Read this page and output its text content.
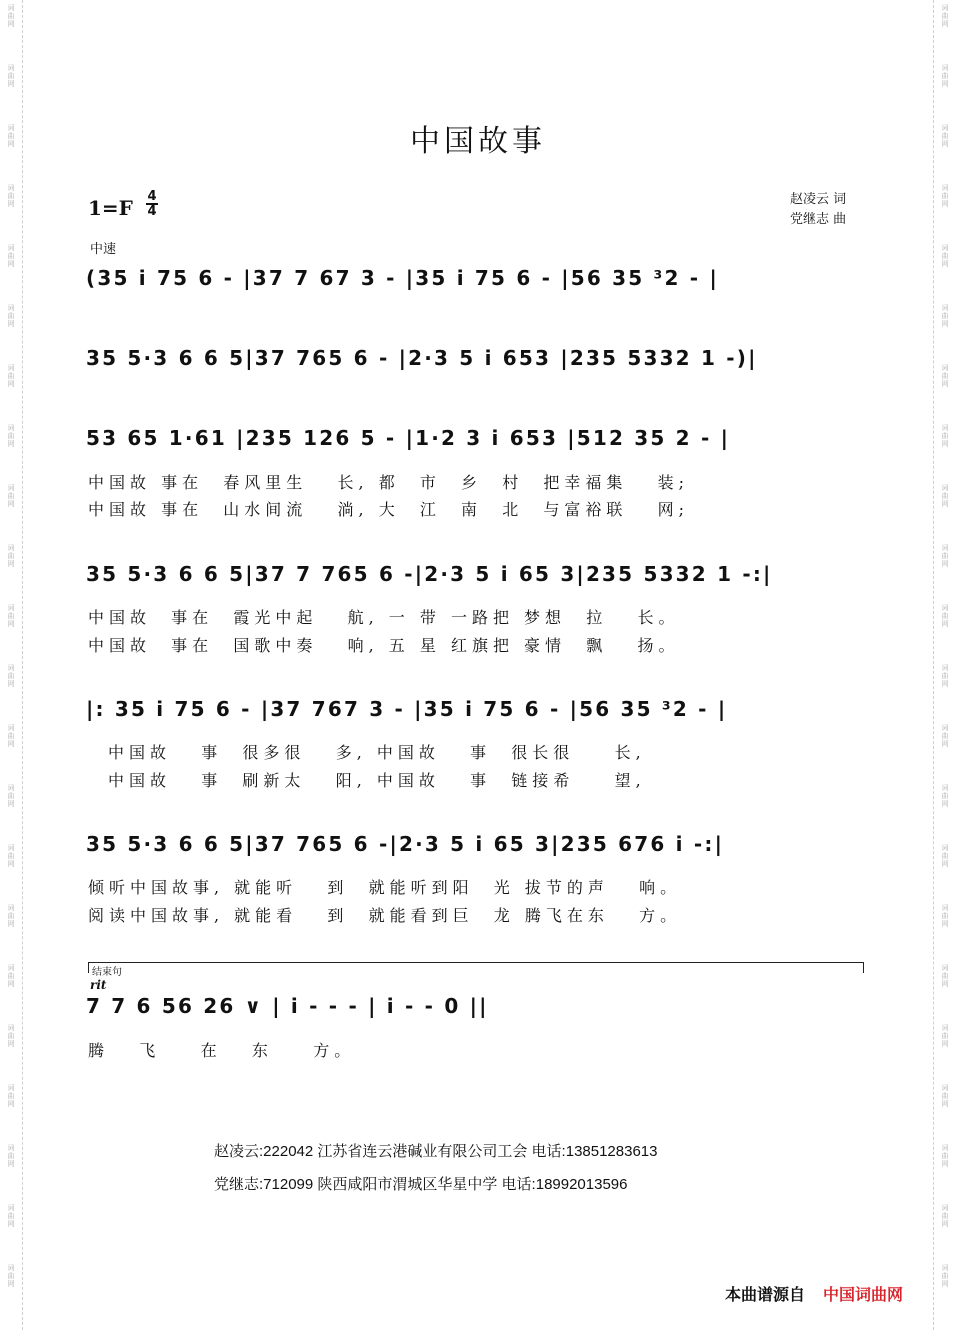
词
曲
网
词
曲
网
词
曲
网
词
曲
网
词
曲
网
词
曲
网
词
曲
网
词
曲
网
词
曲
网
词
曲
网
词
曲
网
词
曲
网
词
曲
网
词
曲
网
词
曲
网
词
曲
网
词
曲
网
词
曲
网
词
曲
网
词
曲
网
词
曲
网
词
曲
网
词
曲
网
词
曲
网
词
曲
网
词
曲
网
词
曲
网
词
曲
网
词
曲
网
词
曲
网
词
曲
网
词
曲
网
词
曲
网
词
曲
网
词
曲
网
词
曲
网
词
曲
网
词
曲
网
词
曲
网
词
曲
网
词
曲
网
词
曲
网
词
曲
网
词
曲
网
中国故事
1=F 4
4
赵凌云 词
党继志 曲
中速
(35 i 75 6 - |37 7 67 3 - |35 i 75 6 - |56 35 ³2 - |
35 5·3 6 6 5|37 765 6 - |2·3 5 i 653 |235 5332 1 -)|
53 65 1·61 |235 126 5 - |1·2 3 i 653 |512 35 2 - |
中国故 事在  春风里生   长, 都  市  乡  村  把幸福集   装;
中国故 事在  山水间流   淌, 大  江  南  北  与富裕联   网;
35 5·3 6 6 5|37 7 765 6 -|2·3 5 i 65 3|235 5332 1 -:|
中国故  事在  霞光中起   航, 一 带 一路把 梦想  拉   长。
中国故  事在  国歌中奏   响, 五 星 红旗把 豪情  飘   扬。
|: 35 i 75 6 - |37 767 3 - |35 i 75 6 - |56 35 ³2 - |
中国故   事  很多很   多, 中国故   事  很长很    长,
中国故   事  刷新太   阳, 中国故   事  链接希    望,
35 5·3 6 6 5|37 765 6 -|2·3 5 i 65 3|235 676 i -:|
倾听中国故事, 就能听   到  就能听到阳  光 拔节的声   响。
阅读中国故事, 就能看   到  就能看到巨  龙 腾飞在东   方。
结束句
rit
7 7 6 56 26 ∨ | i - - - | i - - 0 ||
腾   飞    在   东    方。
赵凌云:222042 江苏省连云港碱业有限公司工会 电话:13851283613
党继志:712099 陕西咸阳市渭城区华星中学 电话:18992013596
本曲谱源自 中国词曲网
